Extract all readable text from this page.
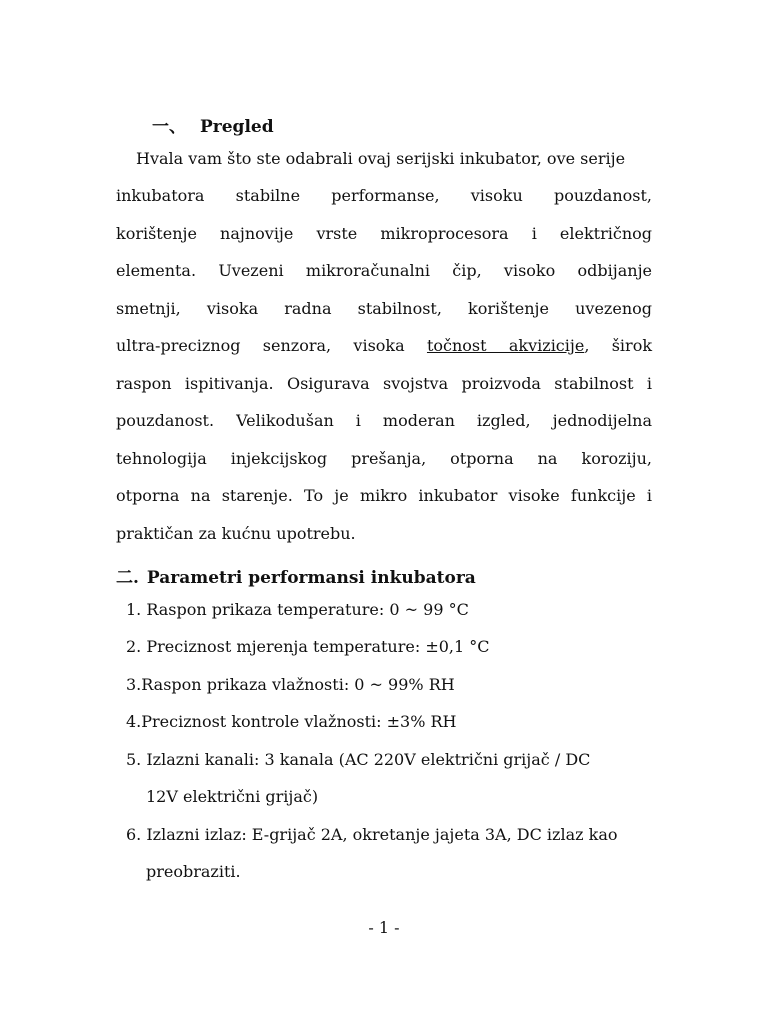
一、 Pregled
Hvala vam što ste odabrali ovaj serijski inkubator, ove serije
inkubatora stabilne performanse, visoku pouzdanost,
korištenje najnovije vrste mikroprocesora i električnog
elementa. Uvezeni mikroračunalni čip, visoko odbijanje
smetnji, visoka radna stabilnost, korištenje uvezenog
ultra-preciznog senzora, visoka točnost akvizicije, širok
raspon ispitivanja. Osigurava svojstva proizvoda stabilnost i
pouzdanost. Velikodušan i moderan izgled, jednodijelna
tehnologija injekcijskog prešanja, otporna na koroziju,
otporna na starenje. To je mikro inkubator visoke funkcije i
praktičan za kućnu upotrebu.
二. Parametri performansi inkubatora
1. Raspon prikaza temperature: 0 ~ 99 °C
2. Preciznost mjerenja temperature: ±0,1 °C
3.Raspon prikaza vlažnosti: 0 ~ 99% RH
4.Preciznost kontrole vlažnosti: ±3% RH
5. Izlazni kanali: 3 kanala (AC 220V električni grijač / DC
12V električni grijač)
6. Izlazni izlaz: E-grijač 2A, okretanje jajeta 3A, DC izlaz kao
preobraziti.
- 1 -
